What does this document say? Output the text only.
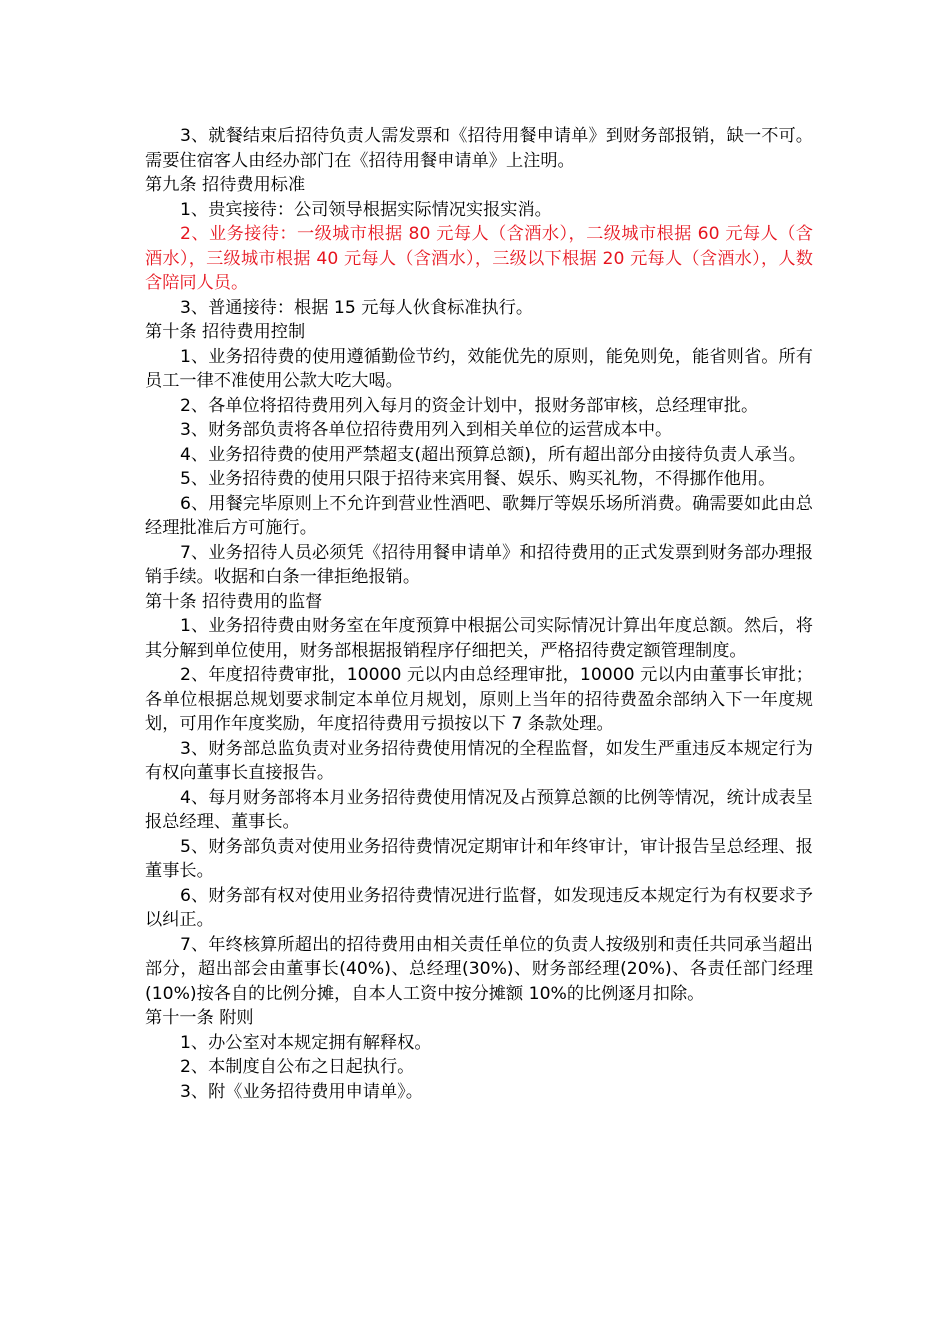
3、就餐结束后招待负责人需发票和《招待用餐申请单》到财务部报销，缺一不可。需要住宿客人由经办部门在《招待用餐申请单》上注明。

第九条 招待费用标准

1、贵宾接待：公司领导根据实际情况实报实消。

2、业务接待：一级城市根据 80 元每人（含酒水），二级城市根据 60 元每人（含酒水），三级城市根据 40 元每人（含酒水），三级以下根据 20 元每人（含酒水），人数含陪同人员。

3、普通接待：根据 15 元每人伙食标准执行。

第十条 招待费用控制

1、业务招待费的使用遵循勤俭节约，效能优先的原则，能免则免，能省则省。所有员工一律不准使用公款大吃大喝。

2、各单位将招待费用列入每月的资金计划中，报财务部审核，总经理审批。

3、财务部负责将各单位招待费用列入到相关单位的运营成本中。

4、业务招待费的使用严禁超支(超出预算总额)，所有超出部分由接待负责人承当。

5、业务招待费的使用只限于招待来宾用餐、娱乐、购买礼物，不得挪作他用。

6、用餐完毕原则上不允许到营业性酒吧、歌舞厅等娱乐场所消费。确需要如此由总经理批准后方可施行。

7、业务招待人员必须凭《招待用餐申请单》和招待费用的正式发票到财务部办理报销手续。收据和白条一律拒绝报销。

第十条 招待费用的监督

1、业务招待费由财务室在年度预算中根据公司实际情况计算出年度总额。然后，将其分解到单位使用，财务部根据报销程序仔细把关，严格招待费定额管理制度。

2、年度招待费审批，10000 元以内由总经理审批，10000 元以内由董事长审批；各单位根据总规划要求制定本单位月规划，原则上当年的招待费盈余部纳入下一年度规划，可用作年度奖励，年度招待费用亏损按以下 7 条款处理。

3、财务部总监负责对业务招待费使用情况的全程监督，如发生严重违反本规定行为有权向董事长直接报告。

4、每月财务部将本月业务招待费使用情况及占预算总额的比例等情况，统计成表呈报总经理、董事长。

5、财务部负责对使用业务招待费情况定期审计和年终审计，审计报告呈总经理、报董事长。

6、财务部有权对使用业务招待费情况进行监督，如发现违反本规定行为有权要求予以纠正。

7、年终核算所超出的招待费用由相关责任单位的负责人按级别和责任共同承当超出部分，超出部会由董事长(40%)、总经理(30%)、财务部经理(20%)、各责任部门经理(10%)按各自的比例分摊，自本人工资中按分摊额 10%的比例逐月扣除。

第十一条 附则

1、办公室对本规定拥有解释权。

2、本制度自公布之日起执行。

3、附《业务招待费用申请单》。
